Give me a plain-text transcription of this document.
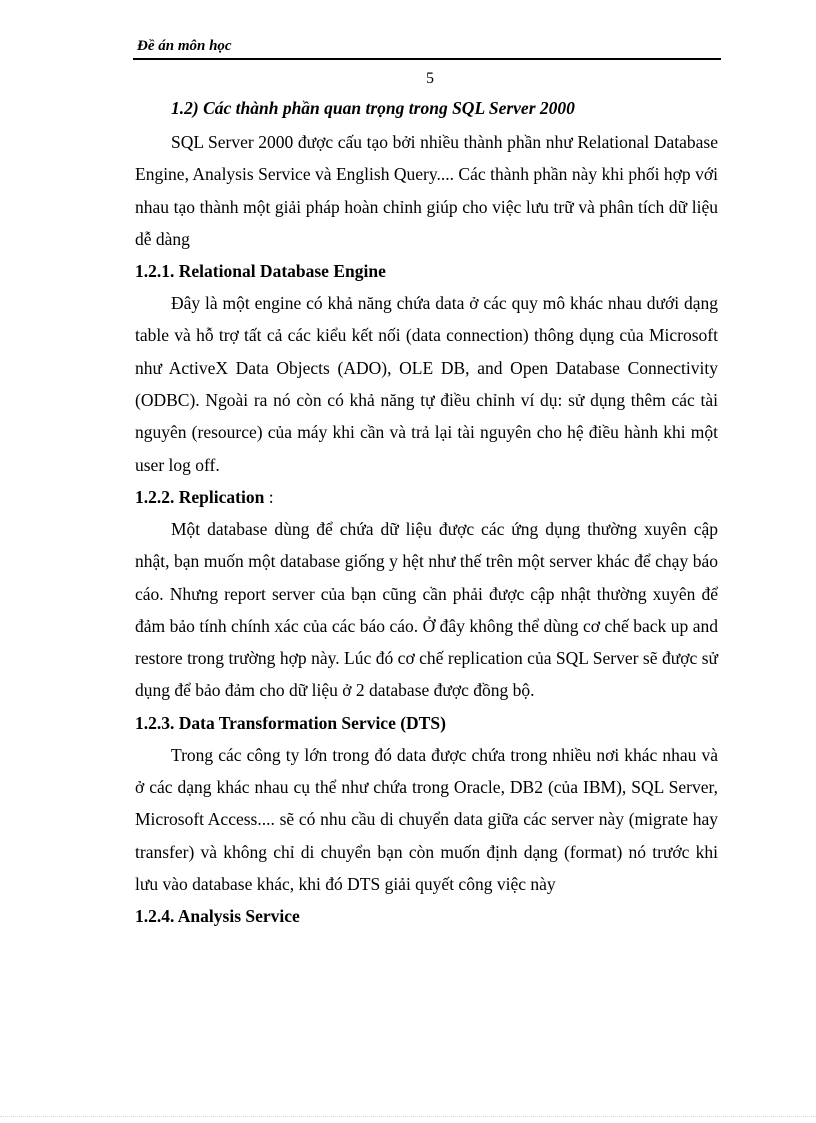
Đề án môn học
5
1.2) Các thành phần quan trọng trong SQL Server 2000

SQL Server 2000 được cấu tạo bởi nhiều thành phần như Relational Database Engine, Analysis Service và English Query.... Các thành phần này khi phối hợp với nhau tạo thành một giải pháp hoàn chỉnh giúp cho việc lưu trữ và phân tích dữ liệu dễ dàng

1.2.1. Relational Database Engine

Đây là một engine có khả năng chứa data ở các quy mô khác nhau dưới dạng table và hỗ trợ tất cả các kiểu kết nối (data connection) thông dụng của Microsoft như ActiveX Data Objects (ADO), OLE DB, and Open Database Connectivity (ODBC). Ngoài ra nó còn có khả năng tự điều chỉnh ví dụ: sử dụng thêm các tài nguyên (resource) của máy khi cần và trả lại tài nguyên cho hệ điều hành khi một user log off.

1.2.2. Replication :

Một database dùng để chứa dữ liệu được các ứng dụng thường xuyên cập nhật, bạn muốn một database giống y hệt như thế trên một server khác để chạy báo cáo. Nhưng report server của bạn cũng cần phải được cập nhật thường xuyên để đảm bảo tính chính xác của các báo cáo. Ở đây không thể dùng cơ chế back up and restore trong trường hợp này. Lúc đó cơ chế replication của SQL Server sẽ được sử dụng để bảo đảm cho dữ liệu ở 2 database được đồng bộ.

1.2.3. Data Transformation Service (DTS)

Trong các công ty lớn trong đó data được chứa trong nhiều nơi khác nhau và ở các dạng khác nhau cụ thể như chứa trong Oracle, DB2 (của IBM), SQL Server, Microsoft Access.... sẽ có nhu cầu di chuyển data giữa các server này (migrate hay transfer) và không chỉ di chuyển bạn còn muốn định dạng (format) nó trước khi lưu vào database khác, khi đó DTS giải quyết công việc này

1.2.4. Analysis Service
